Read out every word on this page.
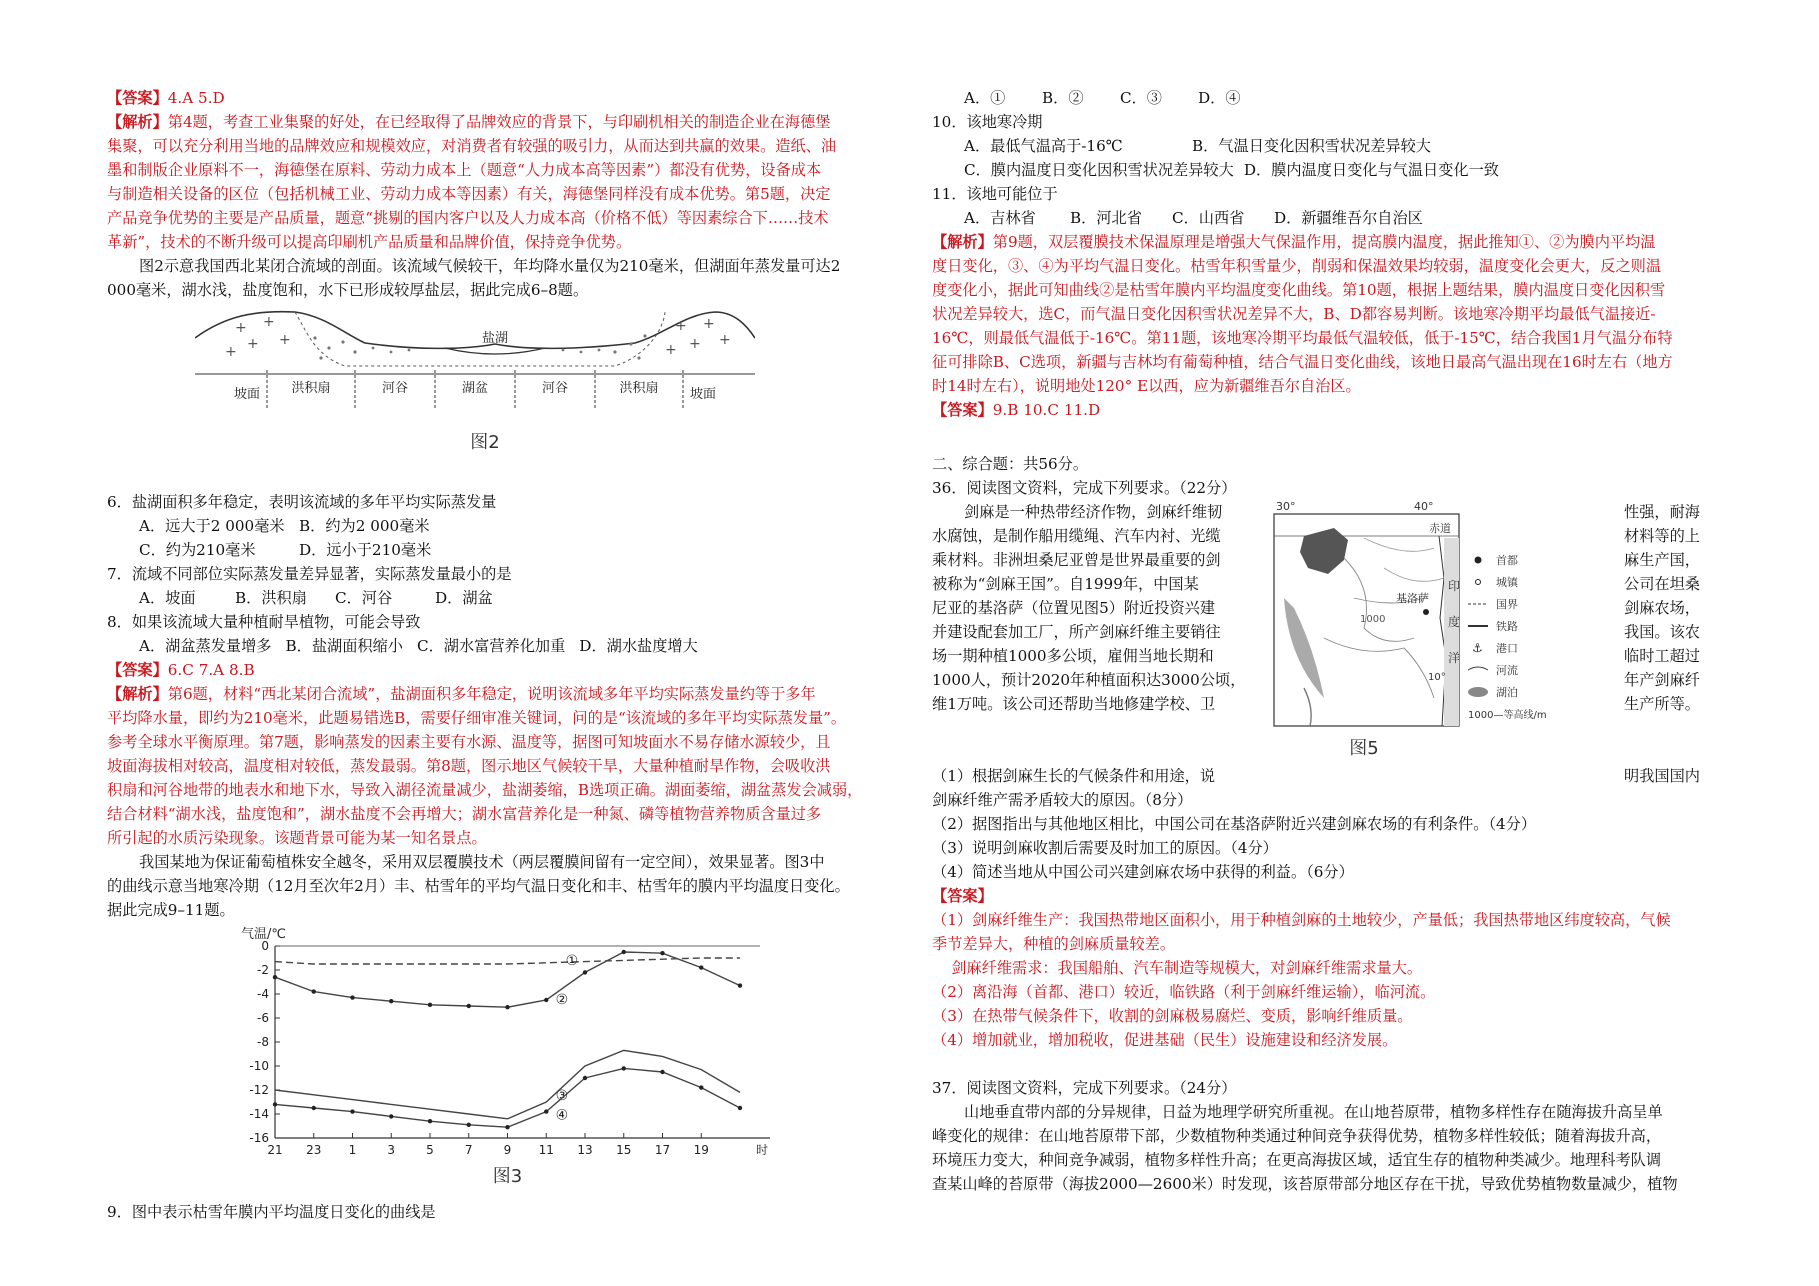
【答案】4.A 5.D
【解析】第4题，考查工业集聚的好处，在已经取得了品牌效应的背景下，与印刷机相关的制造企业在海德堡
集聚，可以充分利用当地的品牌效应和规模效应，对消费者有较强的吸引力，从而达到共赢的效果。造纸、油
墨和制版企业原料不一，海德堡在原料、劳动力成本上（题意“人力成本高等因素”）都没有优势，设备成本
与制造相关设备的区位（包括机械工业、劳动力成本等因素）有关，海德堡同样没有成本优势。第5题，决定
产品竞争优势的主要是产品质量，题意“挑剔的国内客户以及人力成本高（价格不低）等因素综合下……技术
革新”，技术的不断升级可以提高印刷机产品质量和品牌价值，保持竞争优势。
图2示意我国西北某闭合流域的剖面。该流域气候较干，年均降水量仅为210毫米，但湖面年蒸发量可达2
000毫米，湖水浅，盐度饱和，水下已形成较厚盐层，据此完成6–8题。
+ +
+ +
+
+ +
+ +
+
盐湖
坡面 洪积扇	河谷	湖盆	河谷	洪积扇 坡面
图2
6．盐湖面积多年稳定，表明该流域的多年平均实际蒸发量
A．远大于2 000毫米 B．约为2 000毫米
C．约为210毫米	D．远小于210毫米
7．流域不同部位实际蒸发量差异显著，实际蒸发量最小的是
A．坡面	B．洪积扇 C．河谷	D．湖盆
8．如果该流域大量种植耐旱植物，可能会导致
A．湖盆蒸发量增多 B．盐湖面积缩小 C．湖水富营养化加重 D．湖水盐度增大
【答案】6.C 7.A 8.B
【解析】第6题，材料“西北某闭合流域”，盐湖面积多年稳定，说明该流域多年平均实际蒸发量约等于多年
平均降水量，即约为210毫米，此题易错选B，需要仔细审准关键词，问的是“该流域的多年平均实际蒸发量”。
参考全球水平衡原理。第7题，影响蒸发的因素主要有水源、温度等，据图可知坡面水不易存储水源较少，且
坡面海拔相对较高，温度相对较低，蒸发最弱。第8题，图示地区气候较干旱，大量种植耐旱作物，会吸收洪
积扇和河谷地带的地表水和地下水，导致入湖径流量减少，盐湖萎缩，B选项正确。湖面萎缩，湖盆蒸发会减弱，
结合材料“湖水浅，盐度饱和”，湖水盐度不会再增大；湖水富营养化是一种氮、磷等植物营养物质含量过多
所引起的水质污染现象。该题背景可能为某一知名景点。
我国某地为保证葡萄植株安全越冬，采用双层覆膜技术（两层覆膜间留有一定空间），效果显著。图3中
的曲线示意当地寒冷期（12月至次年2月）丰、枯雪年的平均气温日变化和丰、枯雪年的膜内平均温度日变化。
据此完成9–11题。
气温/℃
0
-2
-4
-6
-8
-10
-12
-14
-16
21 23 1	3	5	7	9 11 13 15 17 19	时
①
②
③
④
图3
9．图中表示枯雪年膜内平均温度日变化的曲线是
A．① B．② C．③ D．④
10．该地寒冷期
A．最低气温高于-16℃	B．气温日变化因积雪状况差异较大
C．膜内温度日变化因积雪状况差异较大 D．膜内温度日变化与气温日变化一致
11．该地可能位于
A．吉林省 B．河北省 C．山西省 D．新疆维吾尔自治区
【解析】第9题，双层覆膜技术保温原理是增强大气保温作用，提高膜内温度，据此推知①、②为膜内平均温
度日变化，③、④为平均气温日变化。枯雪年积雪量少，削弱和保温效果均较弱，温度变化会更大，反之则温
度变化小，据此可知曲线②是枯雪年膜内平均温度变化曲线。第10题，根据上题结果，膜内温度日变化因积雪
状况差异较大，选C，而气温日变化因积雪状况差异不大，B、D都容易判断。该地寒冷期平均最低气温接近-
16℃，则最低气温低于-16℃。第11题，该地寒冷期平均最低气温较低，低于-15℃，结合我国1月气温分布特
征可排除B、C选项，新疆与吉林均有葡萄种植，结合气温日变化曲线，该地日最高气温出现在16时左右（地方
时14时左右），说明地处120° E以西，应为新疆维吾尔自治区。
二、综合题：共56分。
36．阅读图文资料，完成下列要求。（22分）
剑麻是一种热带经济作物，剑麻纤维韧
水腐蚀，是制作船用缆绳、汽车内衬、光缆
乘材料。非洲坦桑尼亚曾是世界最重要的剑
被称为“剑麻王国”。自1999年，中国某
尼亚的基洛萨（位置见图5）附近投资兴建
并建设配套加工厂，所产剑麻纤维主要销往
场一期种植1000多公顷，雇佣当地长期和
1000人，预计2020年种植面积达3000公顷，
维1万吨。该公司还帮助当地修建学校、卫
30°	40°
赤道
印
度
洋
基洛萨
1000
10°
首都
城镇
国界
铁路
⚓ 港口
河流
湖泊
1000—等高线/m
图5
性强，耐海
材料等的上
麻生产国，
公司在坦桑
剑麻农场，
我国。该农
临时工超过
年产剑麻纤
生产所等。
（1）根据剑麻生长的气候条件和用途，说	明我国国内
剑麻纤维产需矛盾较大的原因。（8分）
（2）据图指出与其他地区相比，中国公司在基洛萨附近兴建剑麻农场的有利条件。（4分）
（3）说明剑麻收割后需要及时加工的原因。（4分）
（4）简述当地从中国公司兴建剑麻农场中获得的利益。（6分）
【答案】
（1）剑麻纤维生产：我国热带地区面积小，用于种植剑麻的土地较少，产量低；我国热带地区纬度较高，气候
季节差异大，种植的剑麻质量较差。
剑麻纤维需求：我国船舶、汽车制造等规模大，对剑麻纤维需求量大。
（2）离沿海（首都、港口）较近，临铁路（利于剑麻纤维运输），临河流。
（3）在热带气候条件下，收割的剑麻极易腐烂、变质，影响纤维质量。
（4）增加就业，增加税收，促进基础（民生）设施建设和经济发展。
37．阅读图文资料，完成下列要求。（24分）
山地垂直带内部的分异规律，日益为地理学研究所重视。在山地苔原带，植物多样性存在随海拔升高呈单
峰变化的规律：在山地苔原带下部，少数植物种类通过种间竞争获得优势，植物多样性较低；随着海拔升高，
环境压力变大，种间竞争减弱，植物多样性升高；在更高海拔区域，适宜生存的植物种类减少。地理科考队调
查某山峰的苔原带（海拔2000—2600米）时发现，该苔原带部分地区存在干扰，导致优势植物数量减少，植物
【答案】9.B 10.C 11.D
